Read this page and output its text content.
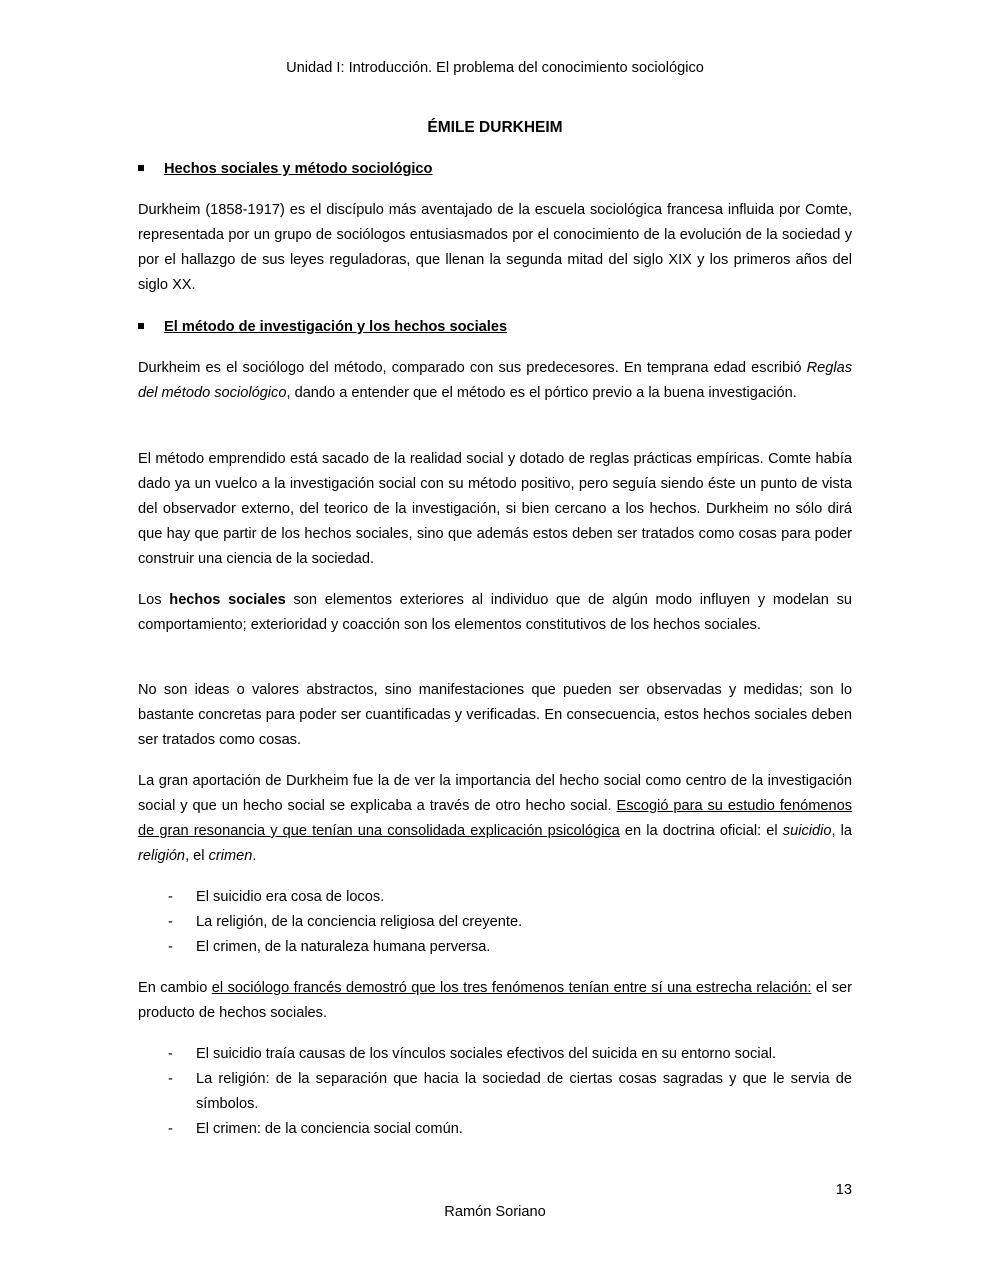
Unidad I: Introducción. El problema del conocimiento sociológico
ÉMILE DURKHEIM
Hechos sociales y método sociológico
Durkheim (1858-1917) es el discípulo más aventajado de la escuela sociológica francesa influida por Comte, representada por un grupo de sociólogos entusiasmados por el conocimiento de la evolución de la sociedad y por el hallazgo de sus leyes reguladoras, que llenan la segunda mitad del siglo XIX y los primeros años del siglo XX.
El método de investigación y los hechos sociales
Durkheim es el sociólogo del método, comparado con sus predecesores. En temprana edad escribió Reglas del método sociológico, dando a entender que el método es el pórtico previo a la buena investigación.
El método emprendido está sacado de la realidad social y dotado de reglas prácticas empíricas. Comte había dado ya un vuelco a la investigación social con su método positivo, pero seguía siendo éste un punto de vista del observador externo, del teorico de la investigación, si bien cercano a los hechos. Durkheim no sólo dirá que hay que partir de los hechos sociales, sino que además estos deben ser tratados como cosas para poder construir una ciencia de la sociedad.
Los hechos sociales son elementos exteriores al individuo que de algún modo influyen y modelan su comportamiento; exterioridad y coacción son los elementos constitutivos de los hechos sociales.
No son ideas o valores abstractos, sino manifestaciones que pueden ser observadas y medidas; son lo bastante concretas para poder ser cuantificadas y verificadas. En consecuencia, estos hechos sociales deben ser tratados como cosas.
La gran aportación de Durkheim fue la de ver la importancia del hecho social como centro de la investigación social y que un hecho social se explicaba a través de otro hecho social. Escogió para su estudio fenómenos de gran resonancia y que tenían una consolidada explicación psicológica en la doctrina oficial: el suicidio, la religión, el crimen.
- El suicidio era cosa de locos.
- La religión, de la conciencia religiosa del creyente.
- El crimen, de la naturaleza humana perversa.
En cambio el sociólogo francés demostró que los tres fenómenos tenían entre sí una estrecha relación: el ser producto de hechos sociales.
- El suicidio traía causas de los vínculos sociales efectivos del suicida en su entorno social.
- La religión: de la separación que hacia la sociedad de ciertas cosas sagradas y que le servia de símbolos.
- El crimen: de la conciencia social común.
13
Ramón Soriano
